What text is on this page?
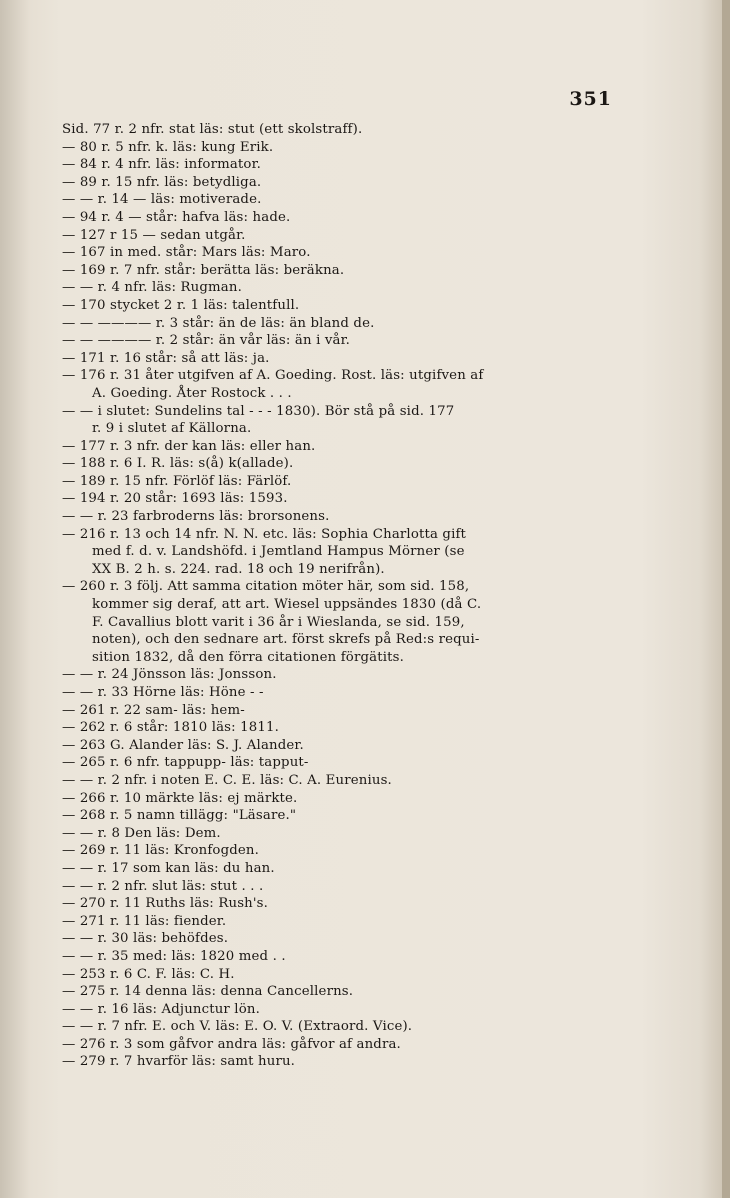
351
Sid. 77 r. 2 nfr. stat läs: stut (ett skolstraff).
— 80 r. 5 nfr. k. läs: kung Erik.
— 84 r. 4 nfr. läs: informator.
— 89 r. 15 nfr. läs: betydliga.
— — r. 14 — läs: motiverade.
— 94 r. 4 — står: hafva läs: hade.
— 127 r 15 — sedan utgår.
— 167 in med. står: Mars läs: Maro.
— 169 r. 7 nfr. står: berätta läs: beräkna.
— — r. 4 nfr. läs: Rugman.
— 170 stycket 2 r. 1 läs: talentfull.
— — ———— r. 3 står: än de läs: än bland de.
— — ———— r. 2 står: än vår läs: än i vår.
— 171 r. 16 står: så att läs: ja.
— 176 r. 31 åter utgifven af A. Goeding. Rost. läs: utgifven af
A. Goeding. Åter Rostock . . .
— — i slutet: Sundelins tal - - - 1830). Bör stå på sid. 177
r. 9 i slutet af Källorna.
— 177 r. 3 nfr. der kan läs: eller han.
— 188 r. 6 I. R. läs: s(å) k(allade).
— 189 r. 15 nfr. Förlöf läs: Färlöf.
— 194 r. 20 står: 1693 läs: 1593.
— — r. 23 farbroderns läs: brorsonens.
— 216 r. 13 och 14 nfr. N. N. etc. läs: Sophia Charlotta gift
med f. d. v. Landshöfd. i Jemtland Hampus Mörner (se
XX B. 2 h. s. 224. rad. 18 och 19 nerifrån).
— 260 r. 3 följ. Att samma citation möter här, som sid. 158,
kommer sig deraf, att art. Wiesel uppsändes 1830 (då C.
F. Cavallius blott varit i 36 år i Wieslanda, se sid. 159,
noten), och den sednare art. först skrefs på Red:s requi-
sition 1832, då den förra citationen förgätits.
— — r. 24 Jönsson läs: Jonsson.
— — r. 33 Hörne läs: Höne - -
— 261 r. 22 sam- läs: hem-
— 262 r. 6 står: 1810 läs: 1811.
— 263 G. Alander läs: S. J. Alander.
— 265 r. 6 nfr. tappupp- läs: tapput-
— — r. 2 nfr. i noten E. C. E. läs: C. A. Eurenius.
— 266 r. 10 märkte läs: ej märkte.
— 268 r. 5 namn tillägg: "Läsare."
— — r. 8 Den läs: Dem.
— 269 r. 11 läs: Kronfogden.
— — r. 17 som kan läs: du han.
— — r. 2 nfr. slut läs: stut . . .
— 270 r. 11 Ruths läs: Rush's.
— 271 r. 11 läs: fiender.
— — r. 30 läs: behöfdes.
— — r. 35 med: läs: 1820 med . .
— 253 r. 6 C. F. läs: C. H.
— 275 r. 14 denna läs: denna Cancellerns.
— — r. 16 läs: Adjunctur lön.
— — r. 7 nfr. E. och V. läs: E. O. V. (Extraord. Vice).
— 276 r. 3 som gåfvor andra läs: gåfvor af andra.
— 279 r. 7 hvarför läs: samt huru.
